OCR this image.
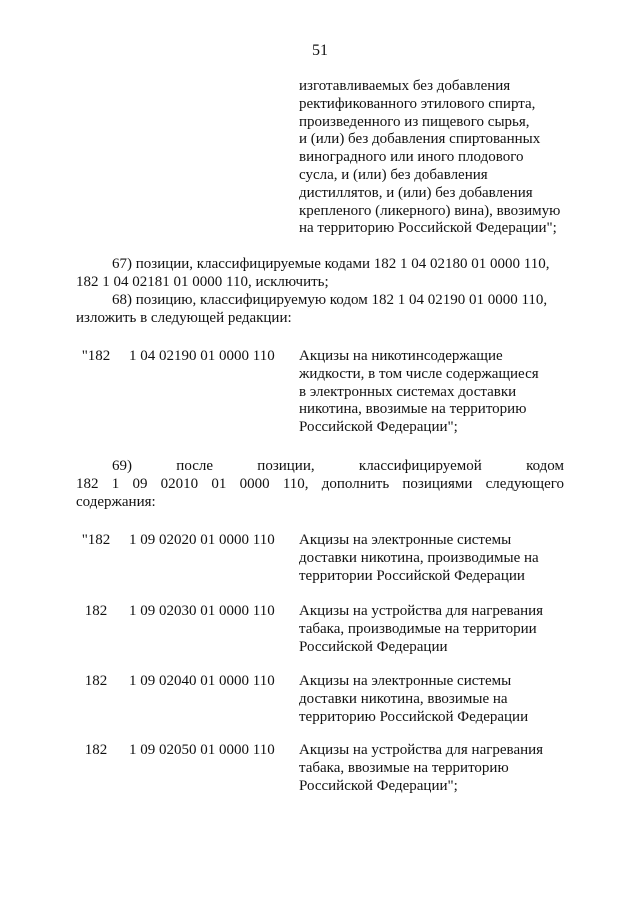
51
изготавливаемых без добавления
ректификованного этилового спирта,
произведенного из пищевого сырья,
и (или) без добавления спиртованных
виноградного или иного плодового
сусла, и (или) без добавления
дистиллятов, и (или) без добавления
крепленого (ликерного) вина), ввозимую
на территорию Российской Федерации";
67) позиции, классифицируемые кодами 182 1 04 02180 01 0000 110,
182 1 04 02181 01 0000 110, исключить;
68) позицию, классифицируемую кодом 182 1 04 02190 01 0000 110,
изложить в следующей редакции:
"182	1 04 02190 01 0000 110	Акцизы на никотинсодержащие
жидкости, в том числе содержащиеся
в электронных системах доставки
никотина, ввозимые на территорию
Российской Федерации";
69) после	позиции,	классифицируемой	кодом
182 1 09 02010 01 0000 110, дополнить позициями следующего
содержания:
"182	1 09 02020 01 0000 110	Акцизы на электронные системы
доставки никотина, производимые на
территории Российской Федерации
182	1 09 02030 01 0000 110	Акцизы на устройства для нагревания
табака, производимые на территории
Российской Федерации
182	1 09 02040 01 0000 110	Акцизы на электронные системы
доставки никотина, ввозимые на
территорию Российской Федерации
182	1 09 02050 01 0000 110	Акцизы на устройства для нагревания
табака, ввозимые на территорию
Российской Федерации";
